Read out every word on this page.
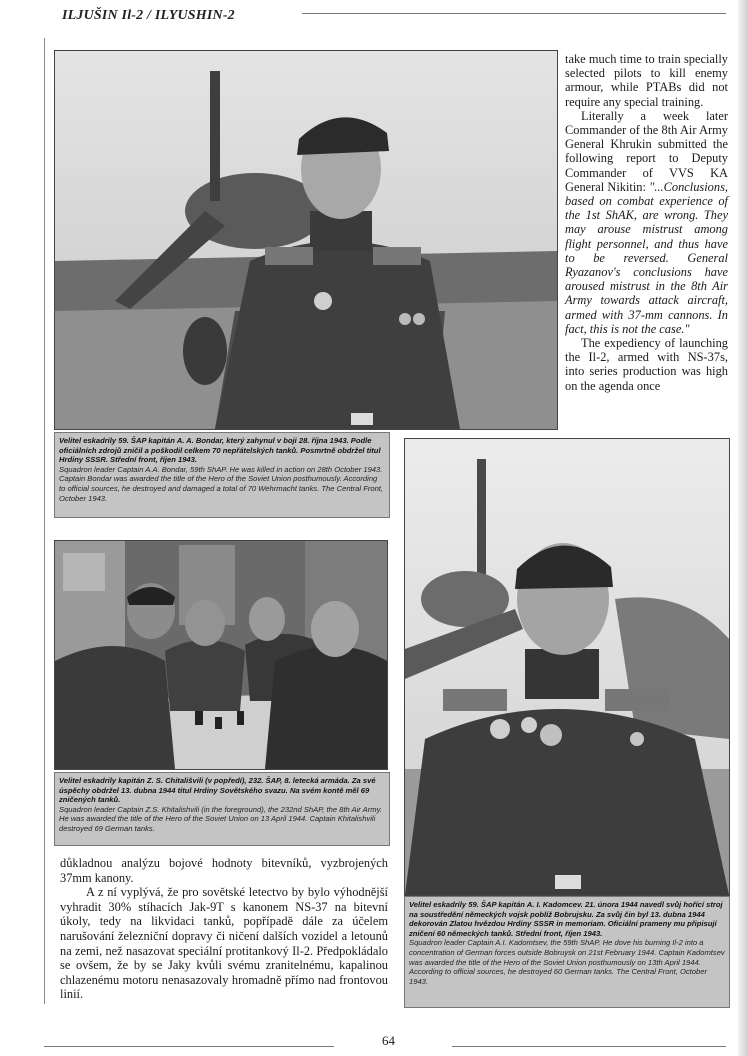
ILJUŠIN Il-2 / ILYUSHIN-2
Velitel eskadrily 59. ŠAP kapitán A. A. Bondar, který zahynul v boji 28. října 1943. Podle oficiálních zdrojů zničil a poškodil celkem 70 nepřátelských tanků. Posmrtně obdržel titul Hrdiny SSSR. Střední front, říjen 1943.
Squadron leader Captain A.A. Bondar, 59th ShAP. He was killed in action on 28th October 1943. Captain Bondar was awarded the title of the Hero of the Soviet Union posthumously. According to official sources, he destroyed and damaged a total of 70 Wehrmacht tanks. The Central Front, October 1943.

take much time to train specially selected pilots to kill enemy armour, while PTABs did not require any special training.

Literally a week later Commander of the 8th Air Army General Khrukin submitted the following report to Deputy Commander of VVS KA General Nikitin: "...Conclusions, based on combat experience of the 1st ShAK, are wrong. They may arouse mistrust among flight personnel, and thus have to be reversed. General Ryazanov's conclusions have aroused mistrust in the 8th Air Army towards attack aircraft, armed with 37-mm cannons. In fact, this is not the case."

The expediency of launching the Il-2, armed with NS-37s, into series production was high on the agenda once

Velitel eskadrily kapitán Z. S. Chitališvili (v popředí), 232. ŠAP, 8. letecká armáda. Za své úspěchy obdržel 13. dubna 1944 titul Hrdiny Sovětského svazu. Na svém kontě měl 69 zničených tanků.
Squadron leader Captain Z.S. Khitalishvili (in the foreground), the 232nd ShAP, the 8th Air Army. He was awarded the title of the Hero of the Soviet Union on 13 April 1944. Captain Khitalishvili destroyed 69 German tanks.
Velitel eskadrily 59. ŠAP kapitán A. I. Kadomcev. 21. února 1944 navedl svůj hořící stroj na soustředění německých vojsk poblíž Bobrujsku. Za svůj čin byl 13. dubna 1944 dekorován Zlatou hvězdou Hrdiny SSSR in memoriam. Oficiální prameny mu připisují zničení 60 německých tanků. Střední front, říjen 1943.
Squadron leader Captain A.I. Kadomtsev, the 59th ShAP. He dove his burning Il-2 into a concentration of German forces outside Bobruysk on 21st February 1944. Captain Kadomtsev was awarded the title of the Hero of the Soviet Union posthumously on 13th April 1944. According to official sources, he destroyed 60 German tanks. The Central Front, October 1943.

důkladnou analýzu bojové hodnoty bitevníků, vyzbrojených 37mm kanony.

A z ní vyplývá, že pro sovětské letectvo by bylo výhodnější vyhradit 30% stíhacích Jak-9T s kanonem NS-37 na bitevní úkoly, tedy na likvidaci tanků, popřípadě dále za účelem narušování železniční dopravy či ničení dalších vozidel a letounů na zemi, než nasazovat speciální protitankový Il-2. Předpokládalo se ovšem, že by se Jaky kvůli svému zranitelnému, kapalinou chlazenému motoru nenasazovaly hromadně přímo nad frontovou linií.

64
